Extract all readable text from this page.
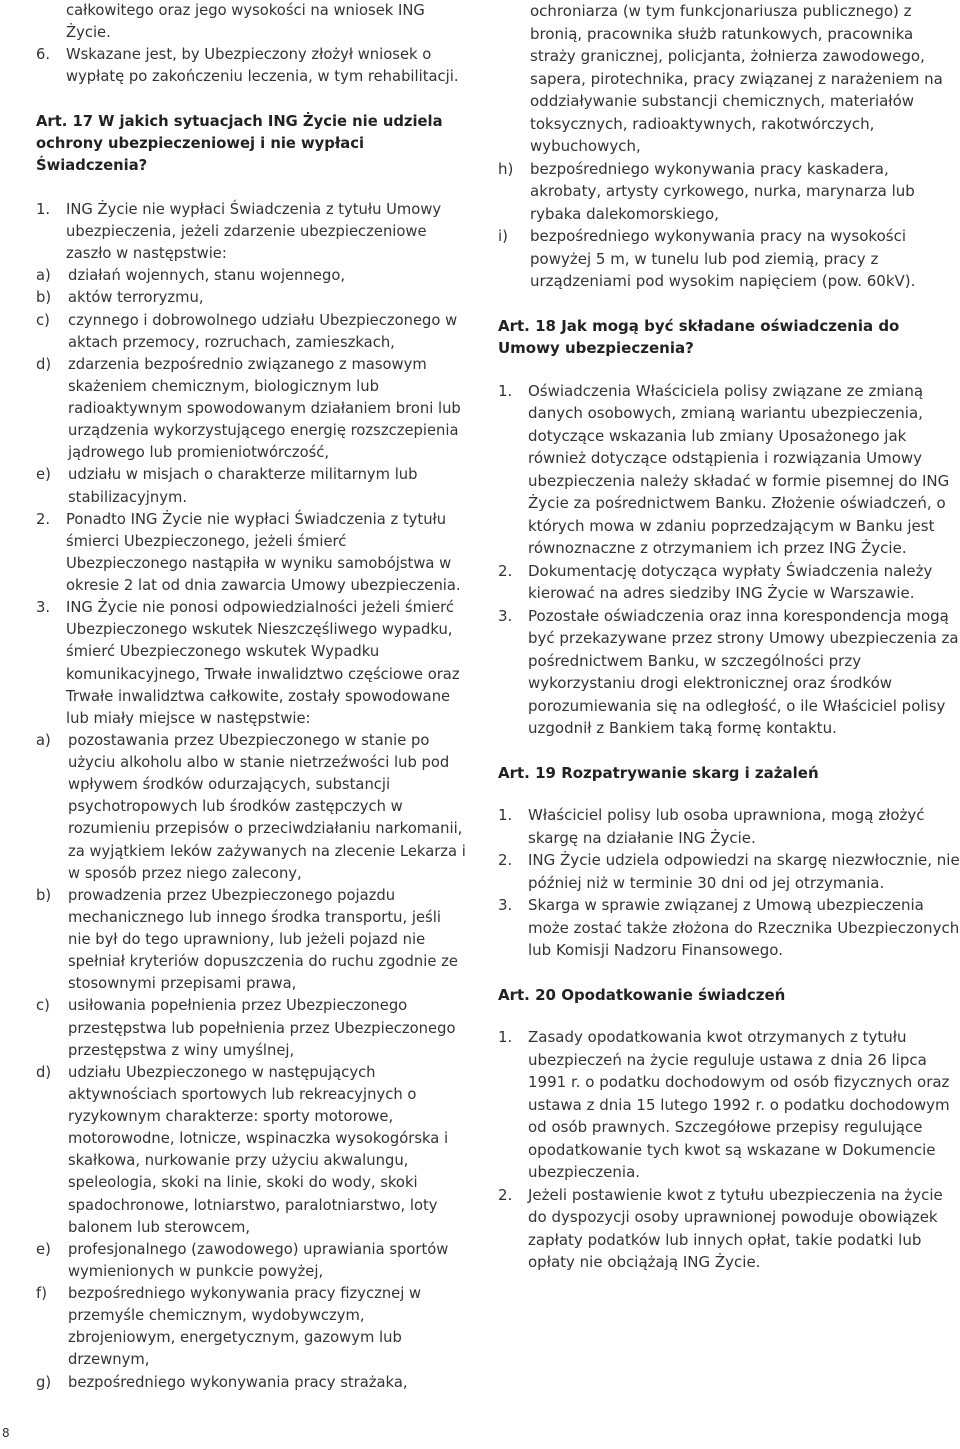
całkowitego oraz jego wysokości na wniosek ING Życie.
6.	Wskazane jest, by Ubezpieczony złożył wniosek o wypłatę po zakończeniu leczenia, w tym rehabilitacji.
Art. 17 W jakich sytuacjach ING Życie nie udziela ochrony ubezpieczeniowej i nie wypłaci Świadczenia?
1.	ING Życie nie wypłaci Świadczenia z tytułu Umowy ubezpieczenia, jeżeli zdarzenie ubezpieczeniowe zaszło w następstwie:
a)	działań wojennych, stanu wojennego,
b)	aktów terroryzmu,
c)	czynnego i dobrowolnego udziału Ubezpieczonego w aktach przemocy, rozruchach, zamieszkach,
d)	zdarzenia bezpośrednio związanego z masowym skażeniem chemicznym, biologicznym lub radioaktywnym spowodowanym działaniem broni lub urządzenia wykorzystującego energię rozszczepienia jądrowego lub promieniotwórczość,
e)	udziału w misjach o charakterze militarnym lub stabilizacyjnym.
2.	Ponadto ING Życie nie wypłaci Świadczenia z tytułu śmierci Ubezpieczonego, jeżeli śmierć Ubezpieczonego nastąpiła w wyniku samobójstwa w okresie 2 lat od dnia zawarcia Umowy ubezpieczenia.
3.	ING Życie nie ponosi odpowiedzialności jeżeli śmierć Ubezpieczonego wskutek Nieszczęśliwego wypadku, śmierć Ubezpieczonego wskutek Wypadku komunikacyjnego, Trwałe inwalidztwo częściowe oraz Trwałe inwalidztwa całkowite, zostały spowodowane lub miały miejsce w następstwie:
a)	pozostawania przez Ubezpieczonego w stanie po użyciu alkoholu albo w stanie nietrzeźwości lub pod wpływem środków odurzających, substancji psychotropowych lub środków zastępczych w rozumieniu przepisów o przeciwdziałaniu narkomanii, za wyjątkiem leków zażywanych na zlecenie Lekarza i w sposób przez niego zalecony,
b)	prowadzenia przez Ubezpieczonego pojazdu mechanicznego lub innego środka transportu, jeśli nie był do tego uprawniony, lub jeżeli pojazd nie spełniał kryteriów dopuszczenia do ruchu zgodnie ze stosownymi przepisami prawa,
c)	usiłowania popełnienia przez Ubezpieczonego przestępstwa lub popełnienia przez Ubezpieczonego przestępstwa z winy umyślnej,
d)	udziału Ubezpieczonego w następujących aktywnościach sportowych lub rekreacyjnych o ryzykownym charakterze: sporty motorowe, motorowodne, lotnicze, wspinaczka wysokogórska i skałkowa, nurkowanie przy użyciu akwalungu, speleologia, skoki na linie, skoki do wody, skoki spadochronowe, lotniarstwo, paralotniarstwo, loty balonem lub sterowcem,
e)	profesjonalnego (zawodowego) uprawiania sportów wymienionych w punkcie powyżej,
f)	bezpośredniego wykonywania pracy fizycznej w przemyśle chemicznym, wydobywczym, zbrojeniowym, energetycznym, gazowym lub drzewnym,
g)	bezpośredniego wykonywania pracy strażaka,
ochroniarza (w tym funkcjonariusza publicznego) z bronią, pracownika służb ratunkowych, pracownika straży granicznej, policjanta, żołnierza zawodowego, sapera, pirotechnika, pracy związanej z narażeniem na oddziaływanie substancji chemicznych, materiałów toksycznych, radioaktywnych, rakotwórczych, wybuchowych,
h)	bezpośredniego wykonywania pracy kaskadera, akrobaty, artysty cyrkowego, nurka, marynarza lub rybaka dalekomorskiego,
i)	bezpośredniego wykonywania pracy na wysokości powyżej 5 m, w tunelu lub pod ziemią, pracy z urządzeniami pod wysokim napięciem (pow. 60kV).
Art. 18 Jak mogą być składane oświadczenia do Umowy ubezpieczenia?
1.	Oświadczenia Właściciela polisy związane ze zmianą danych osobowych, zmianą wariantu ubezpieczenia, dotyczące wskazania lub zmiany Uposażonego jak również dotyczące odstąpienia i rozwiązania Umowy ubezpieczenia należy składać w formie pisemnej do ING Życie za pośrednictwem Banku. Złożenie oświadczeń, o których mowa w zdaniu poprzedzającym w Banku jest równoznaczne z otrzymaniem ich przez ING Życie.
2.	Dokumentację dotycząca wypłaty Świadczenia należy kierować na adres siedziby ING Życie w Warszawie.
3.	Pozostałe oświadczenia oraz inna korespondencja mogą być przekazywane przez strony Umowy ubezpieczenia za pośrednictwem Banku, w szczególności przy wykorzystaniu drogi elektronicznej oraz środków porozumiewania się na odległość, o ile Właściciel polisy uzgodnił z Bankiem taką formę kontaktu.
Art. 19 Rozpatrywanie skarg i zażaleń
1.	Właściciel polisy lub osoba uprawniona, mogą złożyć skargę na działanie ING Życie.
2.	ING Życie udziela odpowiedzi na skargę niezwłocznie, nie później niż w terminie 30 dni od jej otrzymania.
3.	Skarga w sprawie związanej z Umową ubezpieczenia może zostać także złożona do Rzecznika Ubezpieczonych lub Komisji Nadzoru Finansowego.
Art. 20 Opodatkowanie świadczeń
1.	Zasady opodatkowania kwot otrzymanych z tytułu ubezpieczeń na życie reguluje ustawa z dnia 26 lipca 1991 r. o podatku dochodowym od osób fizycznych oraz ustawa z dnia 15 lutego 1992 r. o podatku dochodowym od osób prawnych. Szczegółowe przepisy regulujące opodatkowanie tych kwot są wskazane w Dokumencie ubezpieczenia.
2.	Jeżeli postawienie kwot z tytułu ubezpieczenia na życie do dyspozycji osoby uprawnionej powoduje obowiązek zapłaty podatków lub innych opłat, takie podatki lub opłaty nie obciążają ING Życie.
8
